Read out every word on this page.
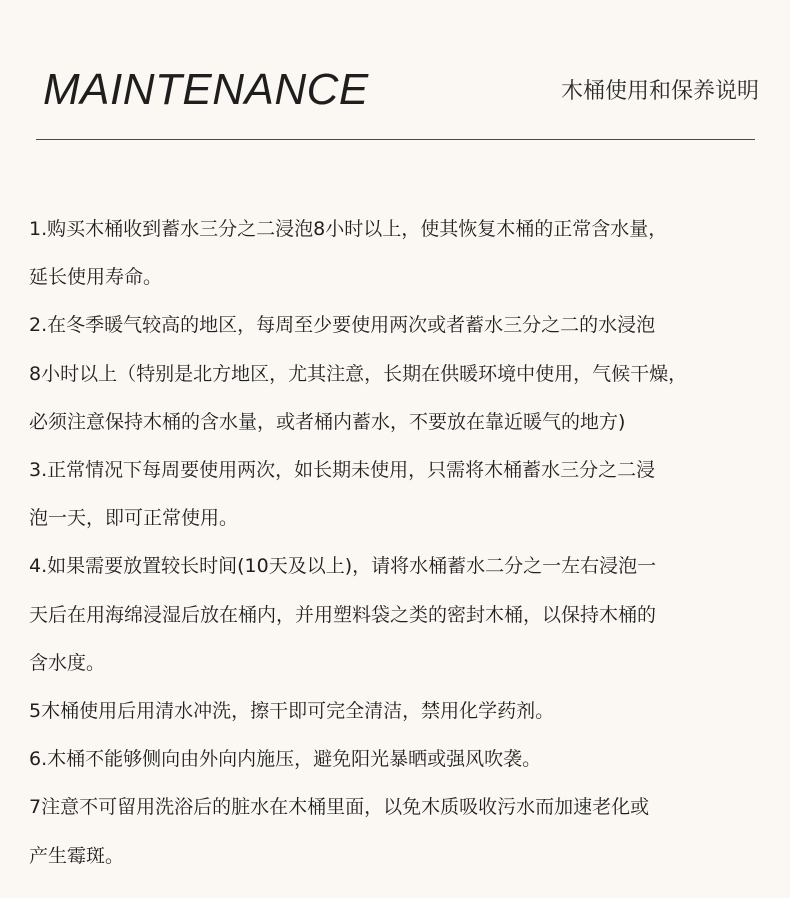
MAINTENANCE	木桶使用和保养说明

1.购买木桶收到蓄水三分之二浸泡8小时以上，使其恢复木桶的正常含水量，

延长使用寿命。

2.在冬季暖气较高的地区，每周至少要使用两次或者蓄水三分之二的水浸泡

8小时以上（特别是北方地区，尤其注意，长期在供暖环境中使用，气候干燥，

必须注意保持木桶的含水量，或者桶内蓄水，不要放在靠近暖气的地方)

3.正常情况下每周要使用两次，如长期未使用，只需将木桶蓄水三分之二浸

泡一天，即可正常使用。

4.如果需要放置较长时间(10天及以上)，请将水桶蓄水二分之一左右浸泡一

天后在用海绵浸湿后放在桶内，并用塑料袋之类的密封木桶，以保持木桶的

含水度。

5木桶使用后用清水冲洗，擦干即可完全清洁，禁用化学药剂。

6.木桶不能够侧向由外向内施压，避免阳光暴晒或强风吹袭。

7注意不可留用洗浴后的脏水在木桶里面，以免木质吸收污水而加速老化或

产生霉斑。
